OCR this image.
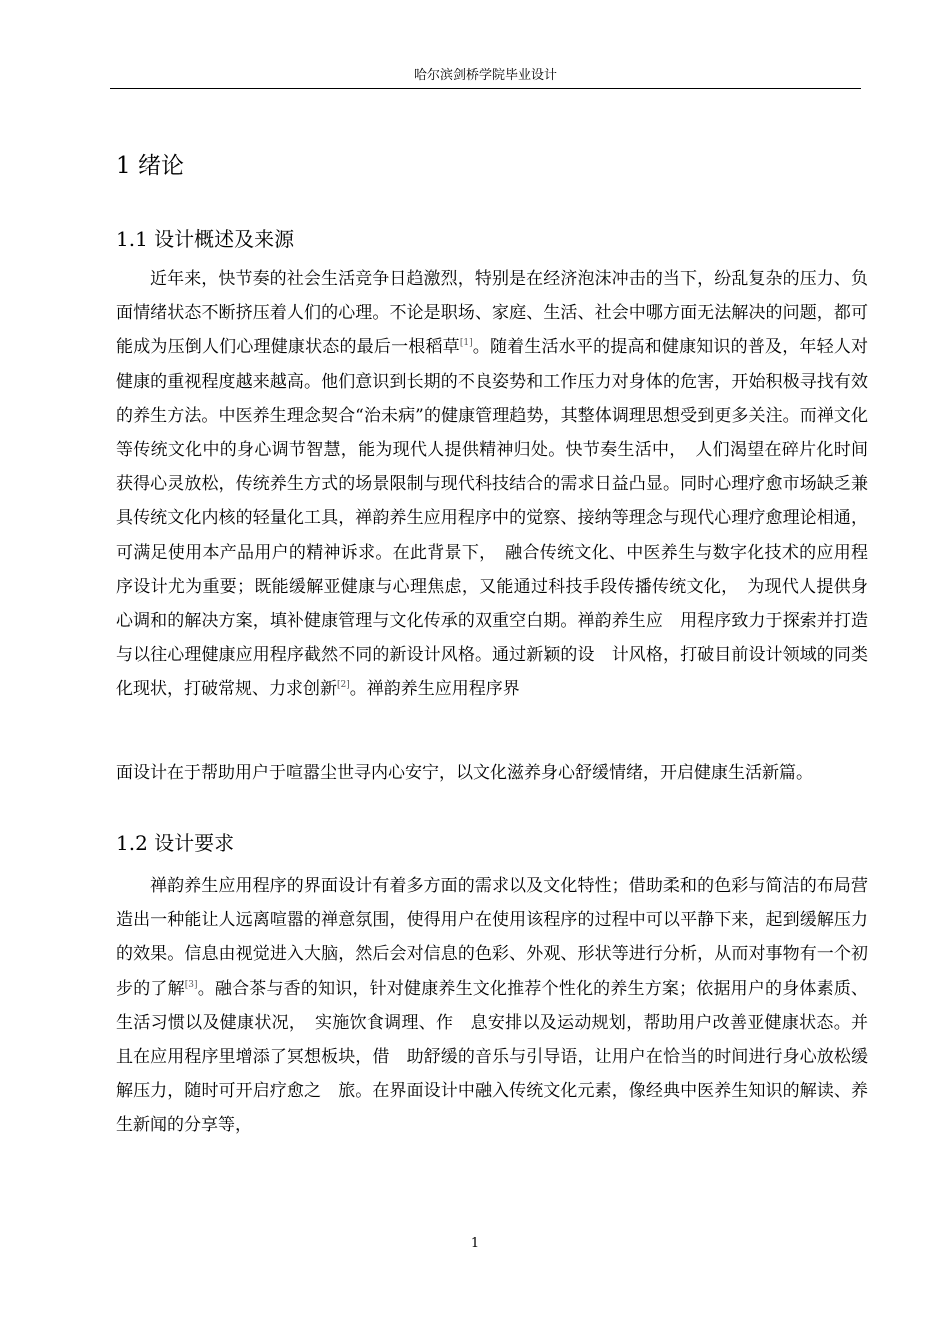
哈尔滨剑桥学院毕业设计
1 绪论
1.1 设计概述及来源

近年来，快节奏的社会生活竞争日趋激烈，特别是在经济泡沫冲击的当下，纷乱复杂的压力、负面情绪状态不断挤压着人们的心理。不论是职场、家庭、生活、社会中哪方面无法解决的问题，都可能成为压倒人们心理健康状态的最后一根稻草[1]。随着生活水平的提高和健康知识的普及，年轻人对健康的重视程度越来越高。他们意识到长期的不良姿势和工作压力对身体的危害，开始积极寻找有效的养生方法。中医养生理念契合“治未病”的健康管理趋势，其整体调理思想受到更多关注。而禅文化等传统文化中的身心调节智慧，能为现代人提供精神归处。快节奏生活中，　人们渴望在碎片化时间获得心灵放松，传统养生方式的场景限制与现代科技结合的需求日益凸显。同时心理疗愈市场缺乏兼具传统文化内核的轻量化工具，禅韵养生应用程序中的觉察、接纳等理念与现代心理疗愈理论相通，可满足使用本产品用户的精神诉求。在此背景下，　融合传统文化、中医养生与数字化技术的应用程序设计尤为重要；既能缓解亚健康与心理焦虑，又能通过科技手段传播传统文化，　为现代人提供身心调和的解决方案，填补健康管理与文化传承的双重空白期。禅韵养生应　用程序致力于探索并打造与以往心理健康应用程序截然不同的新设计风格。通过新颖的设　计风格，打破目前设计领域的同类化现状，打破常规、力求创新[2]。禅韵养生应用程序界

面设计在于帮助用户于喧嚣尘世寻内心安宁，以文化滋养身心舒缓情绪，开启健康生活新篇。

1.2 设计要求

禅韵养生应用程序的界面设计有着多方面的需求以及文化特性；借助柔和的色彩与简洁的布局营造出一种能让人远离喧嚣的禅意氛围，使得用户在使用该程序的过程中可以平静下来，起到缓解压力的效果。信息由视觉进入大脑，然后会对信息的色彩、外观、形状等进行分析，从而对事物有一个初步的了解[3]。融合茶与香的知识，针对健康养生文化推荐个性化的养生方案；依据用户的身体素质、生活习惯以及健康状况，　实施饮食调理、作　息安排以及运动规划，帮助用户改善亚健康状态。并且在应用程序里增添了冥想板块，借　助舒缓的音乐与引导语，让用户在恰当的时间进行身心放松缓解压力，随时可开启疗愈之　旅。在界面设计中融入传统文化元素，像经典中医养生知识的解读、养生新闻的分享等，

1
